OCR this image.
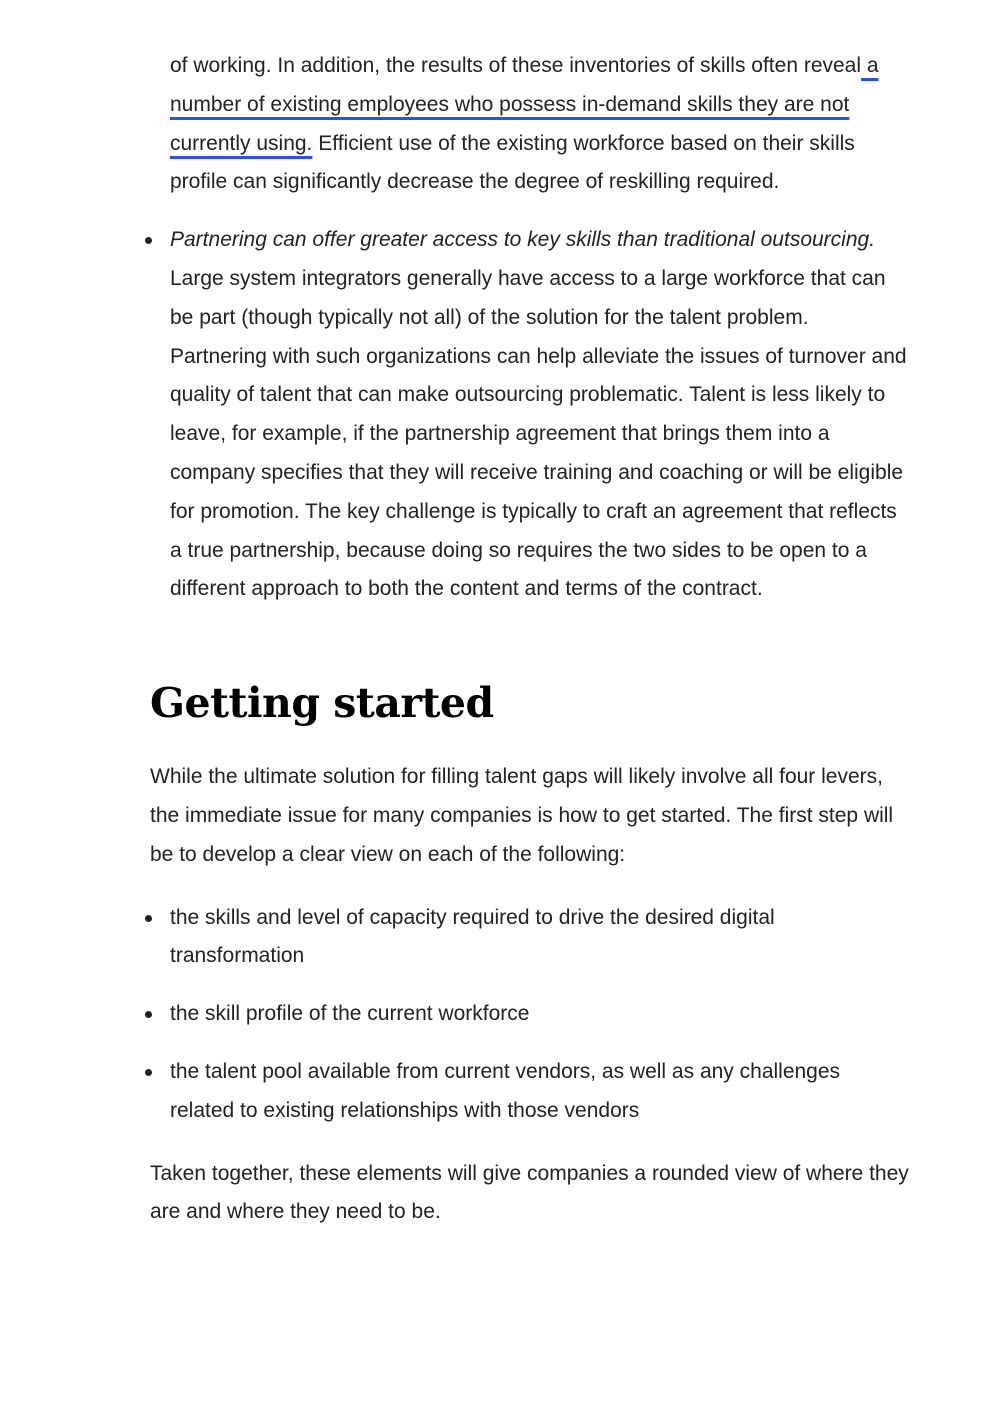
of working. In addition, the results of these inventories of skills often reveal a number of existing employees who possess in-demand skills they are not currently using. Efficient use of the existing workforce based on their skills profile can significantly decrease the degree of reskilling required.
Partnering can offer greater access to key skills than traditional outsourcing. Large system integrators generally have access to a large workforce that can be part (though typically not all) of the solution for the talent problem. Partnering with such organizations can help alleviate the issues of turnover and quality of talent that can make outsourcing problematic. Talent is less likely to leave, for example, if the partnership agreement that brings them into a company specifies that they will receive training and coaching or will be eligible for promotion. The key challenge is typically to craft an agreement that reflects a true partnership, because doing so requires the two sides to be open to a different approach to both the content and terms of the contract.
Getting started

While the ultimate solution for filling talent gaps will likely involve all four levers, the immediate issue for many companies is how to get started. The first step will be to develop a clear view on each of the following:

the skills and level of capacity required to drive the desired digital transformation
the skill profile of the current workforce
the talent pool available from current vendors, as well as any challenges related to existing relationships with those vendors

Taken together, these elements will give companies a rounded view of where they are and where they need to be.
